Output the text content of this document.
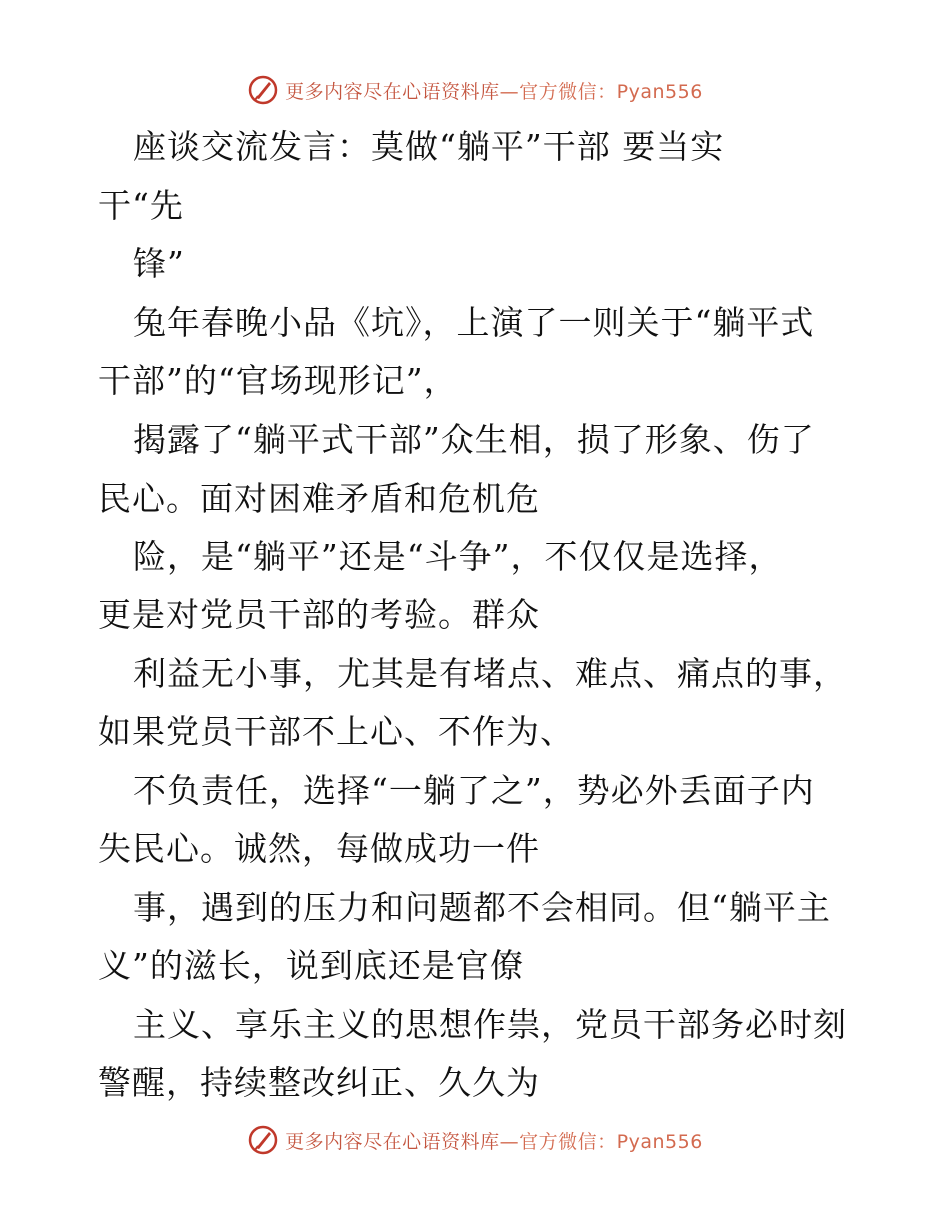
更多内容尽在心语资料库—官方微信：Pyan556
座谈交流发言：莫做“躺平”干部 要当实
干“先
锋”
兔年春晚小品《坑》，上演了一则关于“躺平式
干部”的“官场现形记”，
揭露了“躺平式干部”众生相，损了形象、伤了
民心。面对困难矛盾和危机危
险，是“躺平”还是“斗争”，不仅仅是选择，
更是对党员干部的考验。群众
利益无小事，尤其是有堵点、难点、痛点的事，
如果党员干部不上心、不作为、
不负责任，选择“一躺了之”，势必外丢面子内
失民心。诚然，每做成功一件
事，遇到的压力和问题都不会相同。但“躺平主
义”的滋长，说到底还是官僚
主义、享乐主义的思想作祟，党员干部务必时刻
警醒，持续整改纠正、久久为
更多内容尽在心语资料库—官方微信：Pyan556
